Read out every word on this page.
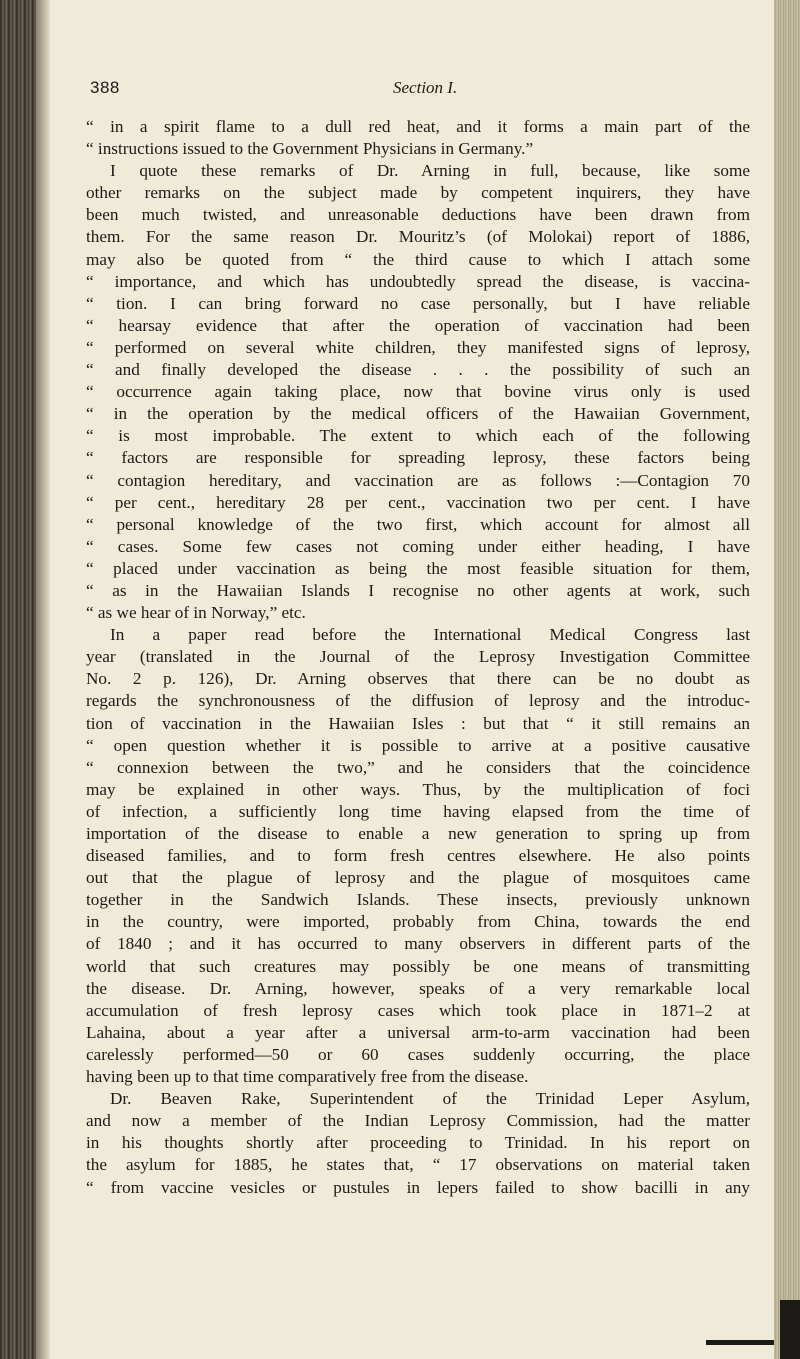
388	Section I.
“ in a spirit flame to a dull red heat, and it forms a main part of the
“ instructions issued to the Government Physicians in Germany.”
I quote these remarks of Dr. Arning in full, because, like some
other remarks on the subject made by competent inquirers, they have
been much twisted, and unreasonable deductions have been drawn from
them. For the same reason Dr. Mouritz’s (of Molokai) report of 1886,
may also be quoted from “ the third cause to which I attach some
“ importance, and which has undoubtedly spread the disease, is vaccina-
“ tion. I can bring forward no case personally, but I have reliable
“ hearsay evidence that after the operation of vaccination had been
“ performed on several white children, they manifested signs of leprosy,
“ and finally developed the disease . . . the possibility of such an
“ occurrence again taking place, now that bovine virus only is used
“ in the operation by the medical officers of the Hawaiian Government,
“ is most improbable. The extent to which each of the following
“ factors are responsible for spreading leprosy, these factors being
“ contagion hereditary, and vaccination are as follows :—Contagion 70
“ per cent., hereditary 28 per cent., vaccination two per cent. I have
“ personal knowledge of the two first, which account for almost all
“ cases. Some few cases not coming under either heading, I have
“ placed under vaccination as being the most feasible situation for them,
“ as in the Hawaiian Islands I recognise no other agents at work, such
“ as we hear of in Norway,” etc.
In a paper read before the International Medical Congress last
year (translated in the Journal of the Leprosy Investigation Committee
No. 2 p. 126), Dr. Arning observes that there can be no doubt as
regards the synchronousness of the diffusion of leprosy and the introduc-
tion of vaccination in the Hawaiian Isles : but that “ it still remains an
“ open question whether it is possible to arrive at a positive causative
“ connexion between the two,” and he considers that the coincidence
may be explained in other ways. Thus, by the multiplication of foci
of infection, a sufficiently long time having elapsed from the time of
importation of the disease to enable a new generation to spring up from
diseased families, and to form fresh centres elsewhere. He also points
out that the plague of leprosy and the plague of mosquitoes came
together in the Sandwich Islands. These insects, previously unknown
in the country, were imported, probably from China, towards the end
of 1840 ; and it has occurred to many observers in different parts of the
world that such creatures may possibly be one means of transmitting
the disease. Dr. Arning, however, speaks of a very remarkable local
accumulation of fresh leprosy cases which took place in 1871–2 at
Lahaina, about a year after a universal arm-to-arm vaccination had been
carelessly performed—50 or 60 cases suddenly occurring, the place
having been up to that time comparatively free from the disease.
Dr. Beaven Rake, Superintendent of the Trinidad Leper Asylum,
and now a member of the Indian Leprosy Commission, had the matter
in his thoughts shortly after proceeding to Trinidad. In his report on
the asylum for 1885, he states that, “ 17 observations on material taken
“ from vaccine vesicles or pustules in lepers failed to show bacilli in any
